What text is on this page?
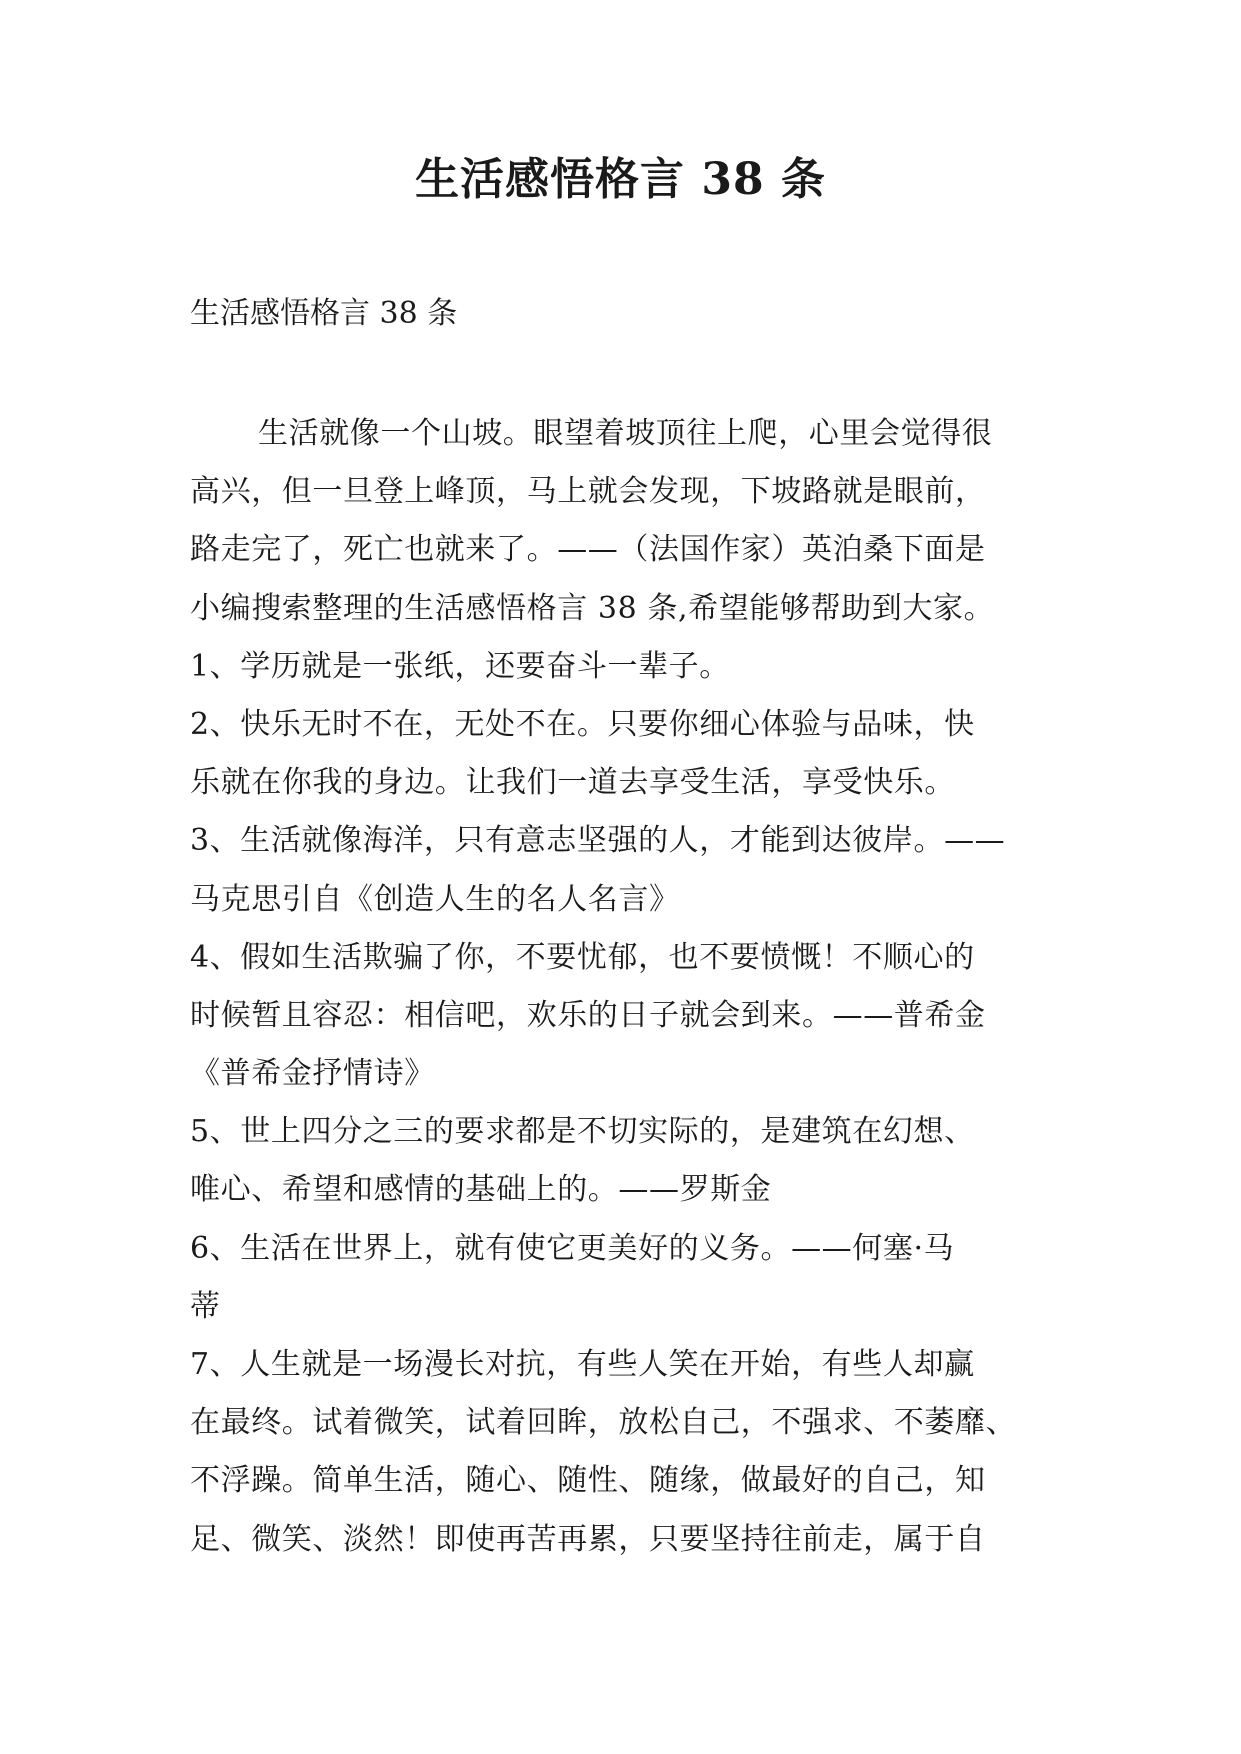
生活感悟格言 38 条
生活感悟格言 38 条
生活就像一个山坡。眼望着坡顶往上爬，心里会觉得很
高兴，但一旦登上峰顶，马上就会发现，下坡路就是眼前，
路走完了，死亡也就来了。——（法国作家）英泊桑下面是
小编搜索整理的生活感悟格言 38 条,希望能够帮助到大家。
1、学历就是一张纸，还要奋斗一辈子。
2、快乐无时不在，无处不在。只要你细心体验与品味，快
乐就在你我的身边。让我们一道去享受生活，享受快乐。
3、生活就像海洋，只有意志坚强的人，才能到达彼岸。——
马克思引自《创造人生的名人名言》
4、假如生活欺骗了你，不要忧郁，也不要愤慨！不顺心的
时候暂且容忍：相信吧，欢乐的日子就会到来。——普希金
《普希金抒情诗》
5、世上四分之三的要求都是不切实际的，是建筑在幻想、
唯心、希望和感情的基础上的。——罗斯金
6、生活在世界上，就有使它更美好的义务。——何塞·马
蒂
7、人生就是一场漫长对抗，有些人笑在开始，有些人却赢
在最终。试着微笑，试着回眸，放松自己，不强求、不萎靡、
不浮躁。简单生活，随心、随性、随缘，做最好的自己，知
足、微笑、淡然！即使再苦再累，只要坚持往前走，属于自
